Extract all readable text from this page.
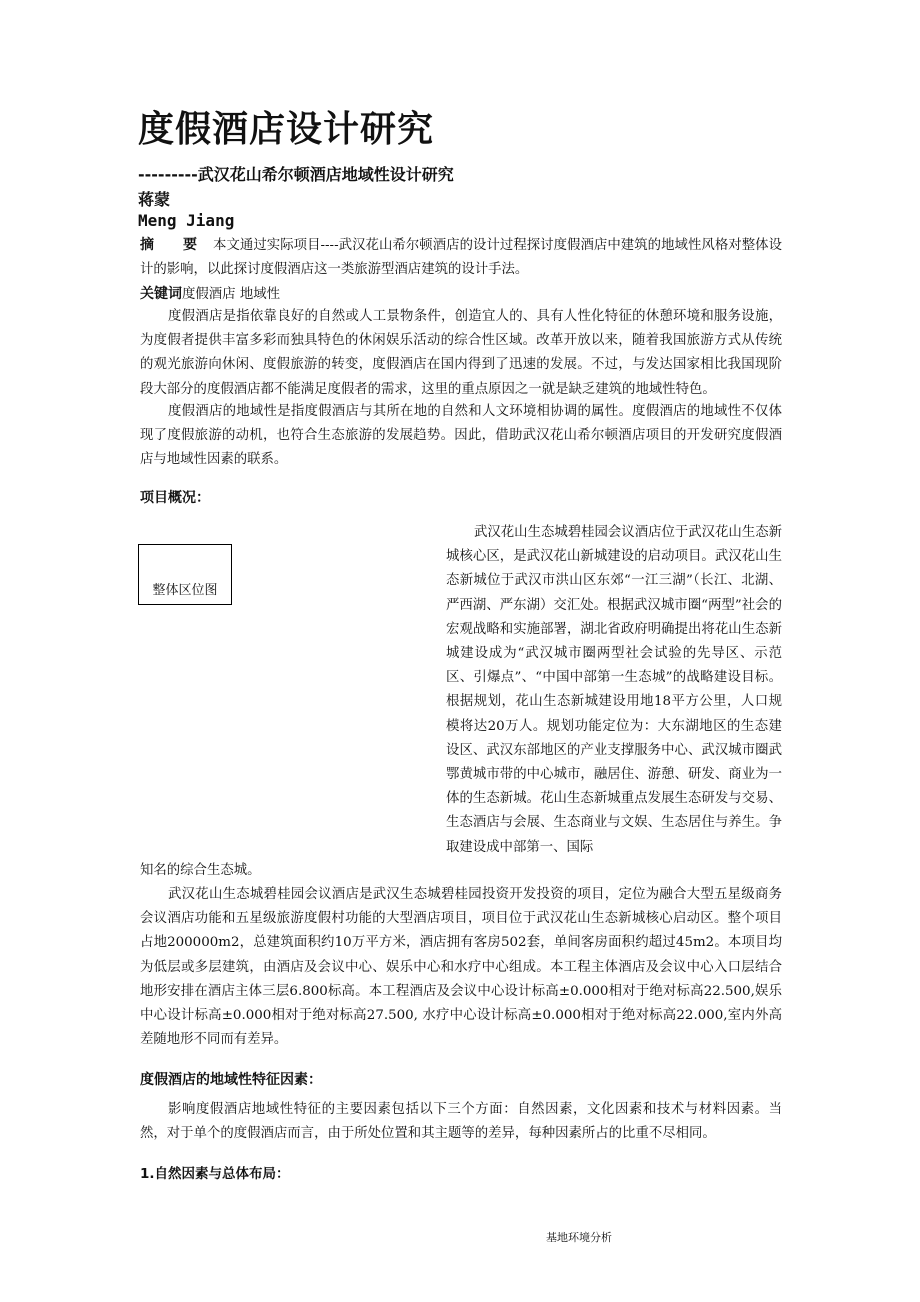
度假酒店设计研究
---------武汉花山希尔顿酒店地域性设计研究
蒋蒙
Meng Jiang

摘 要 本文通过实际项目----武汉花山希尔顿酒店的设计过程探讨度假酒店中建筑的地域性风格对整体设计的影响，以此探讨度假酒店这一类旅游型酒店建筑的设计手法。

关键词度假酒店 地域性

度假酒店是指依靠良好的自然或人工景物条件，创造宜人的、具有人性化特征的休憩环境和服务设施，为度假者提供丰富多彩而独具特色的休闲娱乐活动的综合性区域。改革开放以来，随着我国旅游方式从传统的观光旅游向休闲、度假旅游的转变，度假酒店在国内得到了迅速的发展。不过，与发达国家相比我国现阶段大部分的度假酒店都不能满足度假者的需求，这里的重点原因之一就是缺乏建筑的地域性特色。

度假酒店的地域性是指度假酒店与其所在地的自然和人文环境相协调的属性。度假酒店的地域性不仅体现了度假旅游的动机，也符合生态旅游的发展趋势。因此，借助武汉花山希尔顿酒店项目的开发研究度假酒店与地域性因素的联系。

项目概况：
整体区位图

武汉花山生态城碧桂园会议酒店位于武汉花山生态新城核心区，是武汉花山新城建设的启动项目。武汉花山生态新城位于武汉市洪山区东郊“一江三湖”（长江、北湖、严西湖、严东湖）交汇处。根据武汉城市圈“两型”社会的宏观战略和实施部署，湖北省政府明确提出将花山生态新城建设成为“武汉城市圈两型社会试验的先导区、示范区、引爆点”、“中国中部第一生态城”的战略建设目标。根据规划，花山生态新城建设用地18平方公里，人口规模将达20万人。规划功能定位为：大东湖地区的生态建设区、武汉东部地区的产业支撑服务中心、武汉城市圈武鄂黄城市带的中心城市，融居住、游憩、研发、商业为一体的生态新城。花山生态新城重点发展生态研发与交易、生态酒店与会展、生态商业与文娱、生态居住与养生。争取建设成中部第一、国际

知名的综合生态城。

武汉花山生态城碧桂园会议酒店是武汉生态城碧桂园投资开发投资的项目，定位为融合大型五星级商务会议酒店功能和五星级旅游度假村功能的大型酒店项目，项目位于武汉花山生态新城核心启动区。整个项目占地200000m2，总建筑面积约10万平方米，酒店拥有客房502套，单间客房面积约超过45m2。本项目均为低层或多层建筑，由酒店及会议中心、娱乐中心和水疗中心组成。本工程主体酒店及会议中心入口层结合地形安排在酒店主体三层6.800标高。本工程酒店及会议中心设计标高±0.000相对于绝对标高22.500,娱乐中心设计标高±0.000相对于绝对标高27.500, 水疗中心设计标高±0.000相对于绝对标高22.000,室内外高差随地形不同而有差异。

度假酒店的地域性特征因素：

影响度假酒店地域性特征的主要因素包括以下三个方面：自然因素，文化因素和技术与材料因素。当然，对于单个的度假酒店而言，由于所处位置和其主题等的差异，每种因素所占的比重不尽相同。

1.自然因素与总体布局：
基地环境分析
